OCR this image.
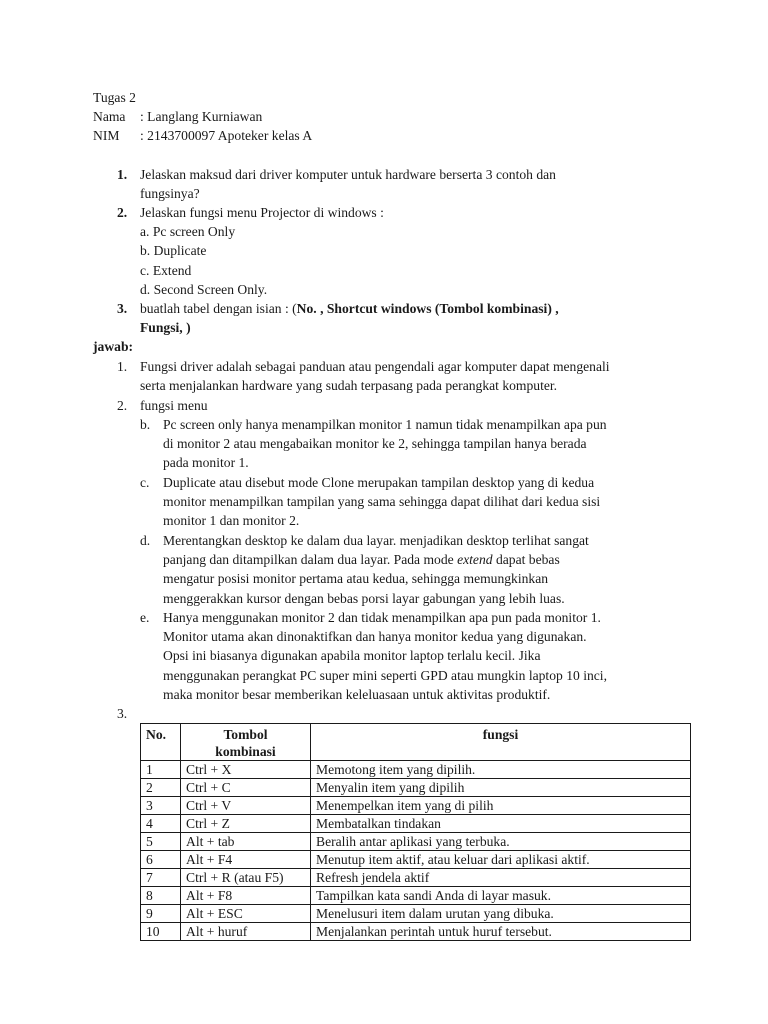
Tugas 2
Nama : Langlang Kurniawan
NIM : 2143700097 Apoteker kelas A
1. Jelaskan maksud dari driver komputer untuk hardware berserta 3 contoh dan
fungsinya?
2. Jelaskan fungsi menu Projector di windows :
a. Pc screen Only
b. Duplicate
c. Extend
d. Second Screen Only.
3. buatlah tabel dengan isian : (No. , Shortcut windows (Tombol kombinasi) ,
Fungsi, )
jawab:
1. Fungsi driver adalah sebagai panduan atau pengendali agar komputer dapat mengenali
serta menjalankan hardware yang sudah terpasang pada perangkat komputer.
2. fungsi menu
b. Pc screen only hanya menampilkan monitor 1 namun tidak menampilkan apa pun
di monitor 2 atau mengabaikan monitor ke 2, sehingga tampilan hanya berada
pada monitor 1.
c. Duplicate atau disebut mode Clone merupakan tampilan desktop yang di kedua
monitor menampilkan tampilan yang sama sehingga dapat dilihat dari kedua sisi
monitor 1 dan monitor 2.
d. Merentangkan desktop ke dalam dua layar. menjadikan desktop terlihat sangat
panjang dan ditampilkan dalam dua layar. Pada mode extend dapat bebas
mengatur posisi monitor pertama atau kedua, sehingga memungkinkan
menggerakkan kursor dengan bebas porsi layar gabungan yang lebih luas.
e. Hanya menggunakan monitor 2 dan tidak menampilkan apa pun pada monitor 1.
Monitor utama akan dinonaktifkan dan hanya monitor kedua yang digunakan.
Opsi ini biasanya digunakan apabila monitor laptop terlalu kecil. Jika
menggunakan perangkat PC super mini seperti GPD atau mungkin laptop 10 inci,
maka monitor besar memberikan keleluasaan untuk aktivitas produktif.
3.
No.	Tombol
kombinasi	fungsi
1	Ctrl + X	Memotong item yang dipilih.
2	Ctrl + C	Menyalin item yang dipilih
3	Ctrl + V	Menempelkan item yang di pilih
4	Ctrl + Z	Membatalkan tindakan
5	Alt + tab	Beralih antar aplikasi yang terbuka.
6	Alt + F4	Menutup item aktif, atau keluar dari aplikasi aktif.
7	Ctrl + R (atau F5)	Refresh jendela aktif
8	Alt + F8	Tampilkan kata sandi Anda di layar masuk.
9	Alt + ESC	Menelusuri item dalam urutan yang dibuka.
10	Alt + huruf	Menjalankan perintah untuk huruf tersebut.
